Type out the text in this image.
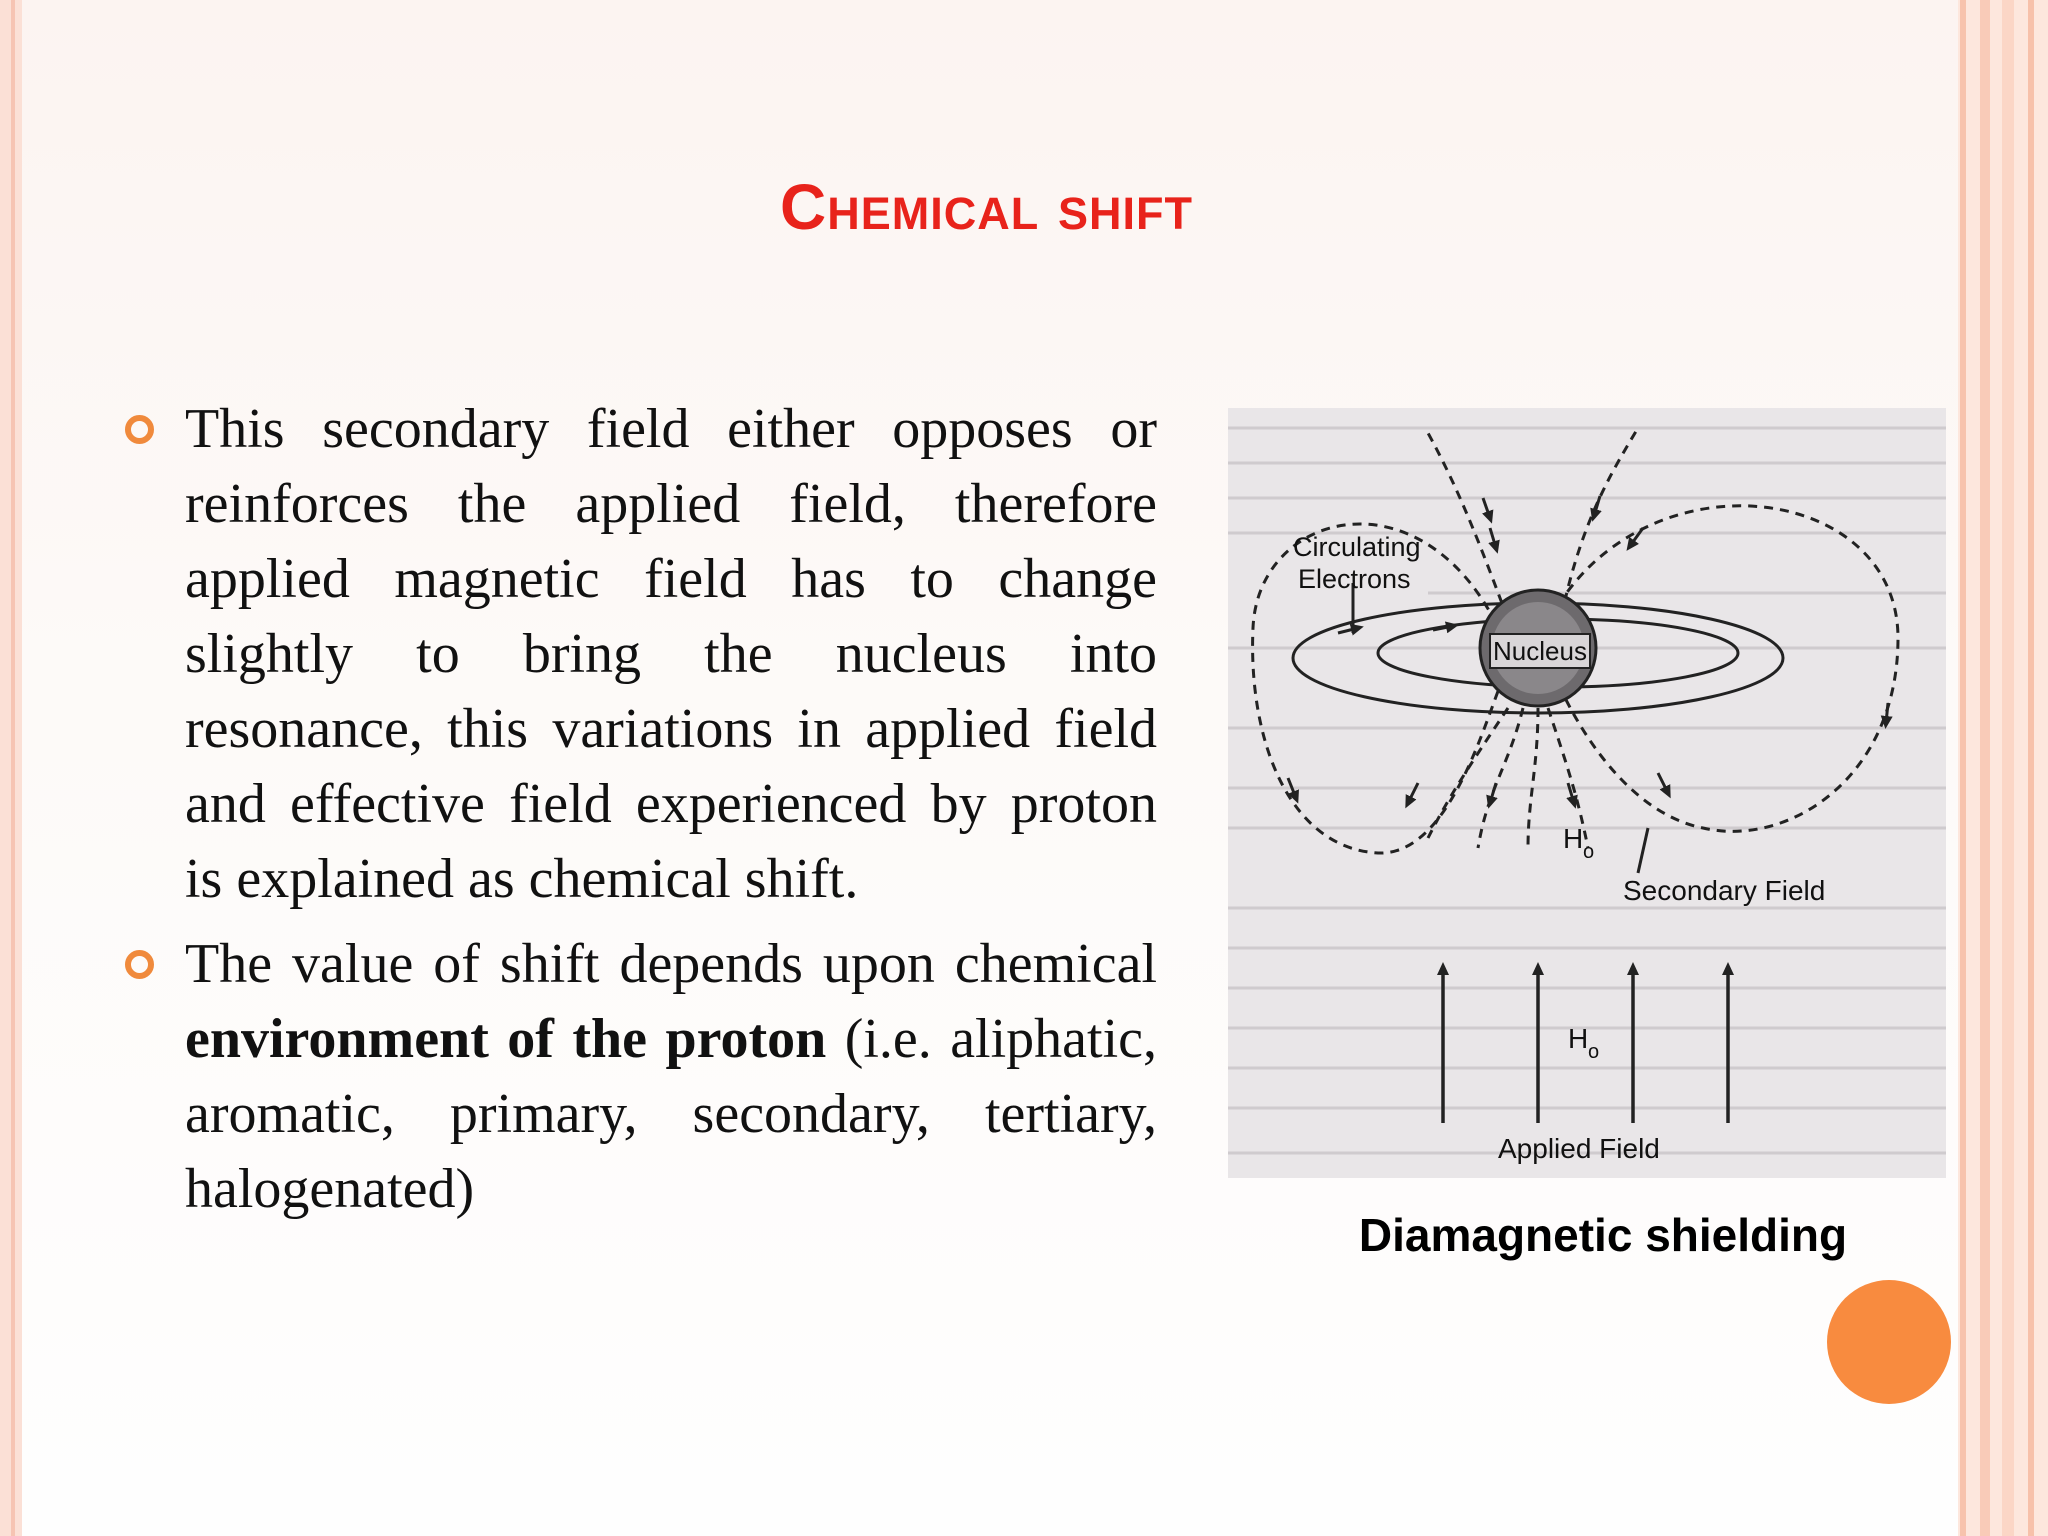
Chemical shift

This secondary field either opposes or reinforces the applied field, therefore applied magnetic field has to change slightly to bring the nucleus into resonance, this variations in applied field and effective field experienced by proton is explained as chemical shift.

The value of shift depends upon chemical environment of the proton (i.e. aliphatic, aromatic, primary, secondary, tertiary, halogenated)

Nucleus
Circulating
Electrons
H o
Secondary Field
H o
Applied Field

Diamagnetic shielding
